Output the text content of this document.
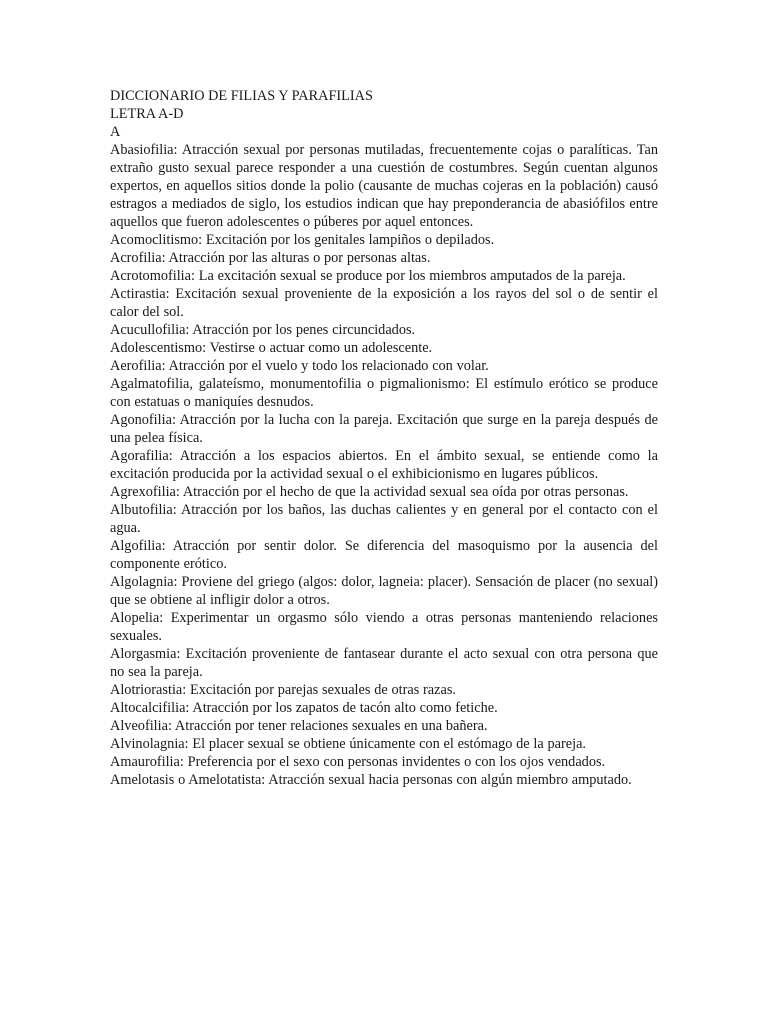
DICCIONARIO DE FILIAS Y PARAFILIAS

LETRA A-D

A

Abasiofilia: Atracción sexual por personas mutiladas, frecuentemente cojas o paralíticas. Tan extraño gusto sexual parece responder a una cuestión de costumbres. Según cuentan algunos expertos, en aquellos sitios donde la polio (causante de muchas cojeras en la población) causó estragos a mediados de siglo, los estudios indican que hay preponderancia de abasiófilos entre aquellos que fueron adolescentes o púberes por aquel entonces.

Acomoclitismo: Excitación por los genitales lampiños o depilados.

Acrofilia: Atracción por las alturas o por personas altas.

Acrotomofilia: La excitación sexual se produce por los miembros amputados de la pareja.

Actirastia: Excitación sexual proveniente de la exposición a los rayos del sol o de sentir el calor del sol.

Acucullofilia: Atracción por los penes circuncidados.

Adolescentismo: Vestirse o actuar como un adolescente.

Aerofilia: Atracción por el vuelo y todo los relacionado con volar.

Agalmatofilia, galateísmo, monumentofilia o pigmalionismo: El estímulo erótico se produce con estatuas o maniquíes desnudos.

Agonofilia: Atracción por la lucha con la pareja. Excitación que surge en la pareja después de una pelea física.

Agorafilia: Atracción a los espacios abiertos. En el ámbito sexual, se entiende como la excitación producida por la actividad sexual o el exhibicionismo en lugares públicos.

Agrexofilia: Atracción por el hecho de que la actividad sexual sea oída por otras personas.

Albutofilia: Atracción por los baños, las duchas calientes y en general por el contacto con el agua.

Algofilia: Atracción por sentir dolor. Se diferencia del masoquismo por la ausencia del componente erótico.

Algolagnia: Proviene del griego (algos: dolor, lagneia: placer). Sensación de placer (no sexual) que se obtiene al infligir dolor a otros.

Alopelia: Experimentar un orgasmo sólo viendo a otras personas manteniendo relaciones sexuales.

Alorgasmia: Excitación proveniente de fantasear durante el acto sexual con otra persona que no sea la pareja.

Alotriorastia: Excitación por parejas sexuales de otras razas.

Altocalcifilia: Atracción por los zapatos de tacón alto como fetiche.

Alveofilia: Atracción por tener relaciones sexuales en una bañera.

Alvinolagnia: El placer sexual se obtiene únicamente con el estómago de la pareja.

Amaurofilia: Preferencia por el sexo con personas invidentes o con los ojos vendados.

Amelotasis o Amelotatista: Atracción sexual hacia personas con algún miembro amputado.
